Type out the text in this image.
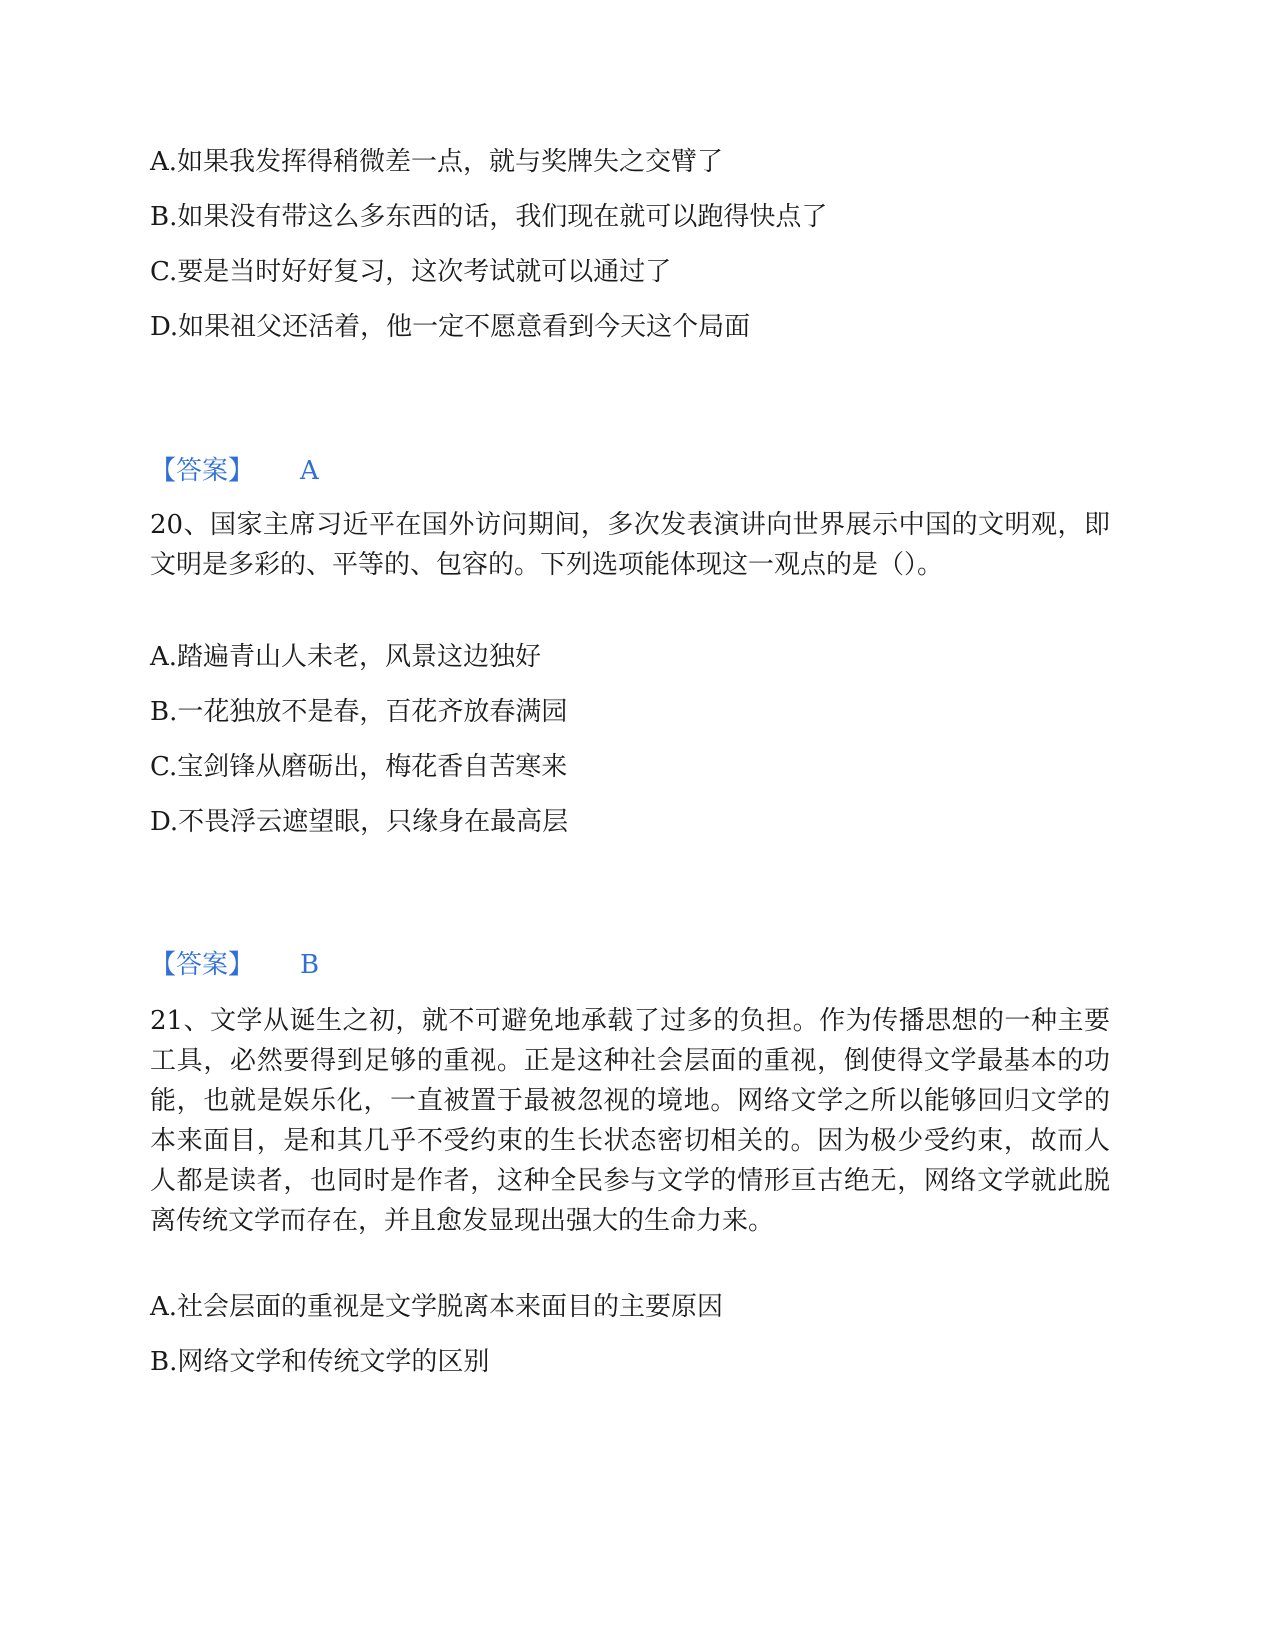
A.如果我发挥得稍微差一点，就与奖牌失之交臂了
B.如果没有带这么多东西的话，我们现在就可以跑得快点了
C.要是当时好好复习，这次考试就可以通过了
D.如果祖父还活着，他一定不愿意看到今天这个局面
【答案】 A
20、国家主席习近平在国外访问期间，多次发表演讲向世界展示中国的文明观，即文明是多彩的、平等的、包容的。下列选项能体现这一观点的是（）。
A.踏遍青山人未老，风景这边独好
B.一花独放不是春，百花齐放春满园
C.宝剑锋从磨砺出，梅花香自苦寒来
D.不畏浮云遮望眼，只缘身在最高层
【答案】 B
21、文学从诞生之初，就不可避免地承载了过多的负担。作为传播思想的一种主要工具，必然要得到足够的重视。正是这种社会层面的重视，倒使得文学最基本的功能，也就是娱乐化，一直被置于最被忽视的境地。网络文学之所以能够回归文学的本来面目，是和其几乎不受约束的生长状态密切相关的。因为极少受约束，故而人人都是读者，也同时是作者，这种全民参与文学的情形亘古绝无，网络文学就此脱离传统文学而存在，并且愈发显现出强大的生命力来。
A.社会层面的重视是文学脱离本来面目的主要原因
B.网络文学和传统文学的区别
